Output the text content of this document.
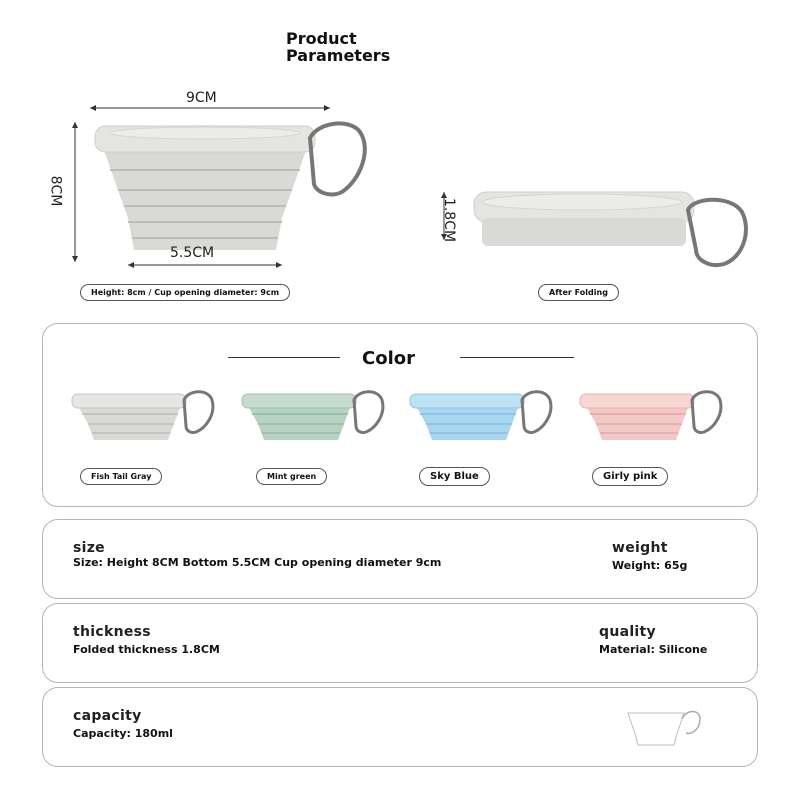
Product
Parameters
9CM
8CM
5.5CM
1.8CM
Height: 8cm / Cup opening diameter: 9cm	After Folding
Color
Fish Tail Gray	Mint green	Sky Blue	Girly pink
size
Size: Height 8CM Bottom 5.5CM Cup opening diameter 9cm
weight
Weight: 65g
thickness
Folded thickness 1.8CM
quality
Material: Silicone
capacity
Capacity: 180ml
